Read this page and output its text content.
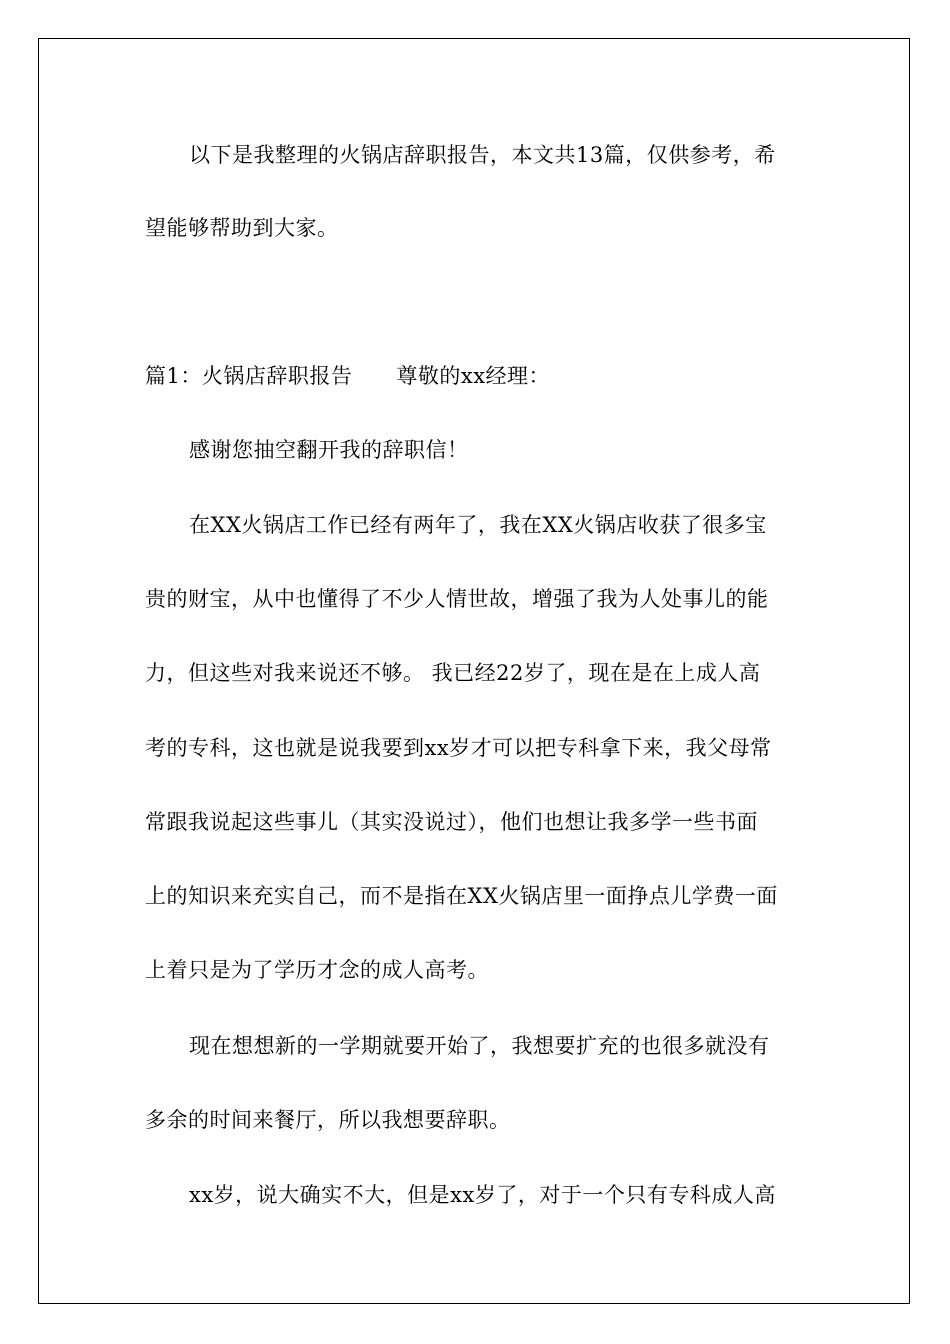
以下是我整理的火锅店辞职报告，本文共13篇，仅供参考，希
望能够帮助到大家。
篇1：火锅店辞职报告 尊敬的xx经理：
感谢您抽空翻开我的辞职信！
在XX火锅店工作已经有两年了，我在XX火锅店收获了很多宝
贵的财宝，从中也懂得了不少人情世故，增强了我为人处事儿的能
力，但这些对我来说还不够。 我已经22岁了，现在是在上成人高
考的专科，这也就是说我要到xx岁才可以把专科拿下来，我父母常
常跟我说起这些事儿（其实没说过），他们也想让我多学一些书面
上的知识来充实自己，而不是指在XX火锅店里一面挣点儿学费一面
上着只是为了学历才念的成人高考。
现在想想新的一学期就要开始了，我想要扩充的也很多就没有
多余的时间来餐厅，所以我想要辞职。
xx岁，说大确实不大，但是xx岁了，对于一个只有专科成人高
